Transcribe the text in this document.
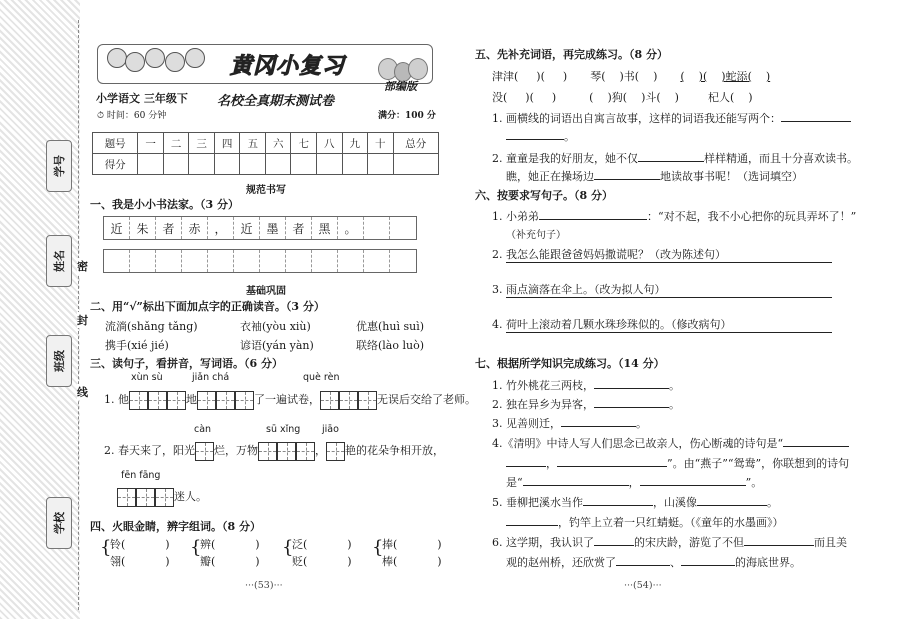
学号
姓名
班级
学校
密
封
线
黄冈小复习
小学语文 三年级下 名校全真期末测试卷
部编版
⏱ 时间：60 分钟	满分：100 分
题号	一	二	三	四	五	六	七	八	九	十	总分
得分											
规范书写
一、我是小小书法家。（3 分）
近	朱	者	赤	，	近	墨	者	黑	。
基础巩固
二、用“√”标出下面加点字的正确读音。（3 分）
流淌(shǎng tǎng)	衣袖(yòu xiù)	优惠(huì suì)
携手(xié jié)	谚语(yán yàn)	联络(lào luò)
三、读句子，看拼音，写词语。（6 分）
xùn sù	jiǎn chá	què rèn
1. 他	地	了一遍试卷，	无误后交给了老师。
càn	sū xǐng jiāo
2. 春天来了，阳光 烂，万物	， 艳的花朵争相开放，
fēn fāng
迷人。
四、火眼金睛，辨字组词。（8 分）
{
铃(	)
翎(	)
{
辨(	)
瓣(	)
{
泛(	)
贬(	)
{
捧(	)
棒(	)
···(53)···
五、先补充词语，再完成练习。（8 分）
津津( )( )  琴( )书( )  ( )( )蛇添( )
没( )( )  ( )狗( )斗( )  杞人( )
1. 画横线的词语出自寓言故事，这样的词语我还能写两个：
。
2. 童童是我的好朋友，她不仅	样样精通，而且十分喜欢读书。
瞧，她正在操场边	地读故事书呢！（选词填空）
六、按要求写句子。（8 分）
1. 小弟弟	：“对不起，我不小心把你的玩具弄坏了！”
（补充句子）
2. 我怎么能跟爸爸妈妈撒谎呢？（改为陈述句）
3. 雨点滴落在伞上。（改为拟人句）
4. 荷叶上滚动着几颗水珠珍珠似的。（修改病句）
七、根据所学知识完成练习。（14 分）
1. 竹外桃花三两枝，	。
2. 独在异乡为异客，	。
3. 见善则迁，	。
4.《清明》中诗人写人们思念已故亲人，伤心断魂的诗句是“
，	”。由“燕子”“鸳鸯”，你联想到的诗句
是“	，	”。
5. 垂柳把溪水当作	，山溪像	。
，钓竿上立着一只红蜻蜓。（《童年的水墨画》）
6. 这学期，我认识了	的宋庆龄，游览了不但	而且美
观的赵州桥，还欣赏了	、	的海底世界。
···(54)···
